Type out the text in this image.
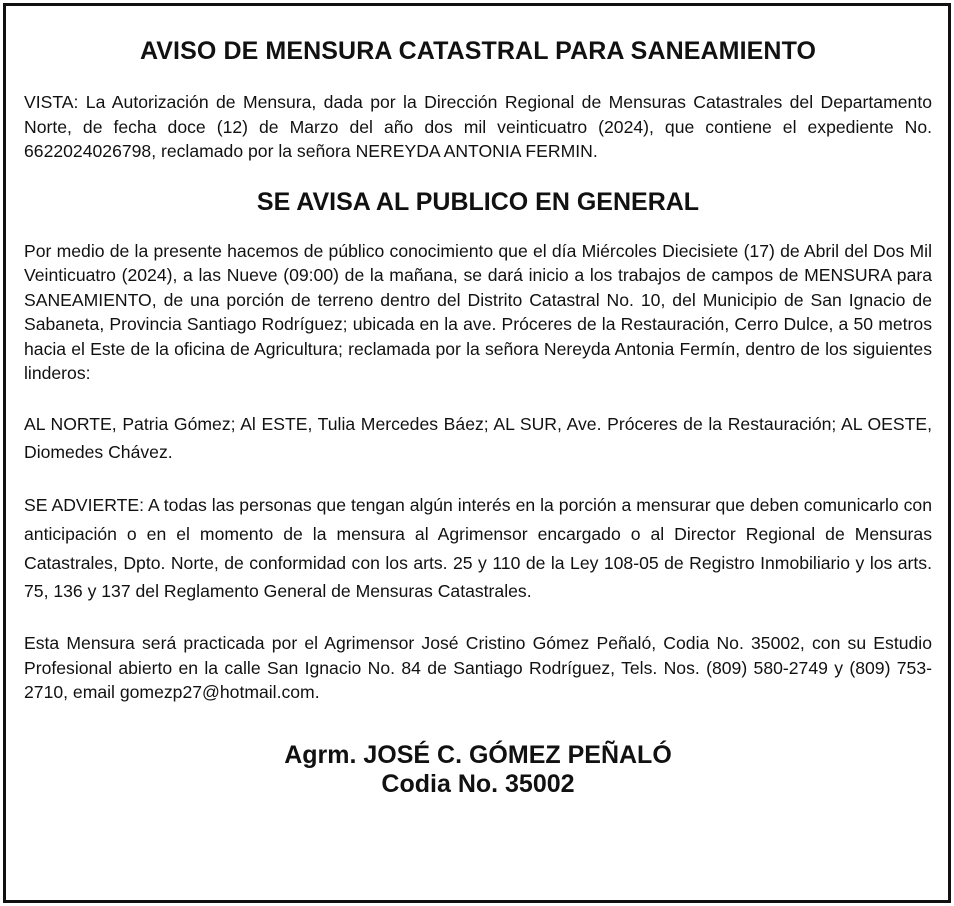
AVISO DE MENSURA CATASTRAL PARA SANEAMIENTO

VISTA: La Autorización de Mensura, dada por la Dirección Regional de Mensuras Catastrales del Departamento Norte, de fecha doce (12) de Marzo del año dos mil veinticuatro (2024), que contiene el expediente No. 6622024026798, reclamado por la señora NEREYDA ANTONIA FERMIN.

SE AVISA AL PUBLICO EN GENERAL

Por medio de la presente hacemos de público conocimiento que el día Miércoles Diecisiete (17) de Abril del Dos Mil Veinticuatro (2024), a las Nueve (09:00) de la mañana, se dará inicio a los trabajos de campos de MENSURA para SANEAMIENTO, de una porción de terreno dentro del Distrito Catastral No. 10, del Municipio de San Ignacio de Sabaneta, Provincia Santiago Rodríguez; ubicada en la ave. Próceres de la Restauración, Cerro Dulce, a 50 metros hacia el Este de la oficina de Agricultura; reclamada por la señora Nereyda Antonia Fermín, dentro de los siguientes linderos:

AL NORTE, Patria Gómez; Al ESTE, Tulia Mercedes Báez; AL SUR, Ave. Próceres de la Restauración; AL OESTE, Diomedes Chávez.

SE ADVIERTE: A todas las personas que tengan algún interés en la porción a mensurar que deben comunicarlo con anticipación o en el momento de la mensura al Agrimensor encargado o al Director Regional de Mensuras Catastrales, Dpto. Norte, de conformidad con los arts. 25 y 110 de la Ley 108-05 de Registro Inmobiliario y los arts. 75, 136 y 137 del Reglamento General de Mensuras Catastrales.

Esta Mensura será practicada por el Agrimensor José Cristino Gómez Peñaló, Codia No. 35002, con su Estudio Profesional abierto en la calle San Ignacio No. 84 de Santiago Rodríguez, Tels. Nos. (809) 580-2749 y (809) 753-2710, email gomezp27@hotmail.com.

Agrm. JOSÉ C. GÓMEZ PEÑALÓ
Codia No. 35002
